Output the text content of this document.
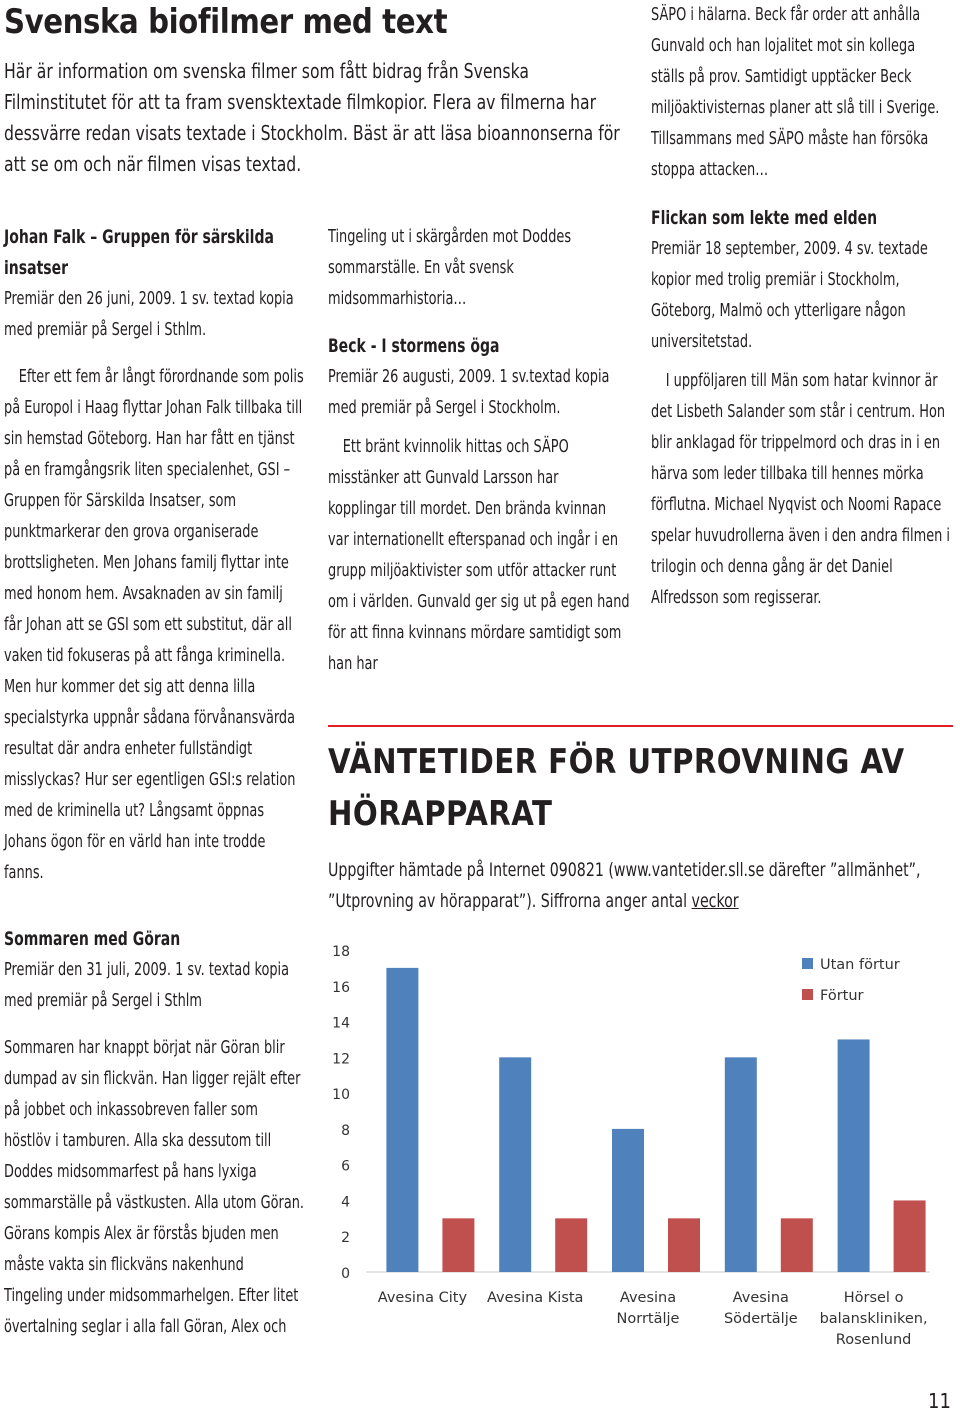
Svenska biofilmer med text

Här är information om svenska filmer som fått bidrag från Svenska Filminstitutet för att ta fram svensktextade filmkopior. Flera av filmerna har dessvärre redan visats textade i Stockholm. Bäst är att läsa bioannonserna för att se om och när filmen visas textad.

Johan Falk – Gruppen för särskilda insatser

Premiär den 26 juni, 2009. 1 sv. textad kopia med premiär på Sergel i Sthlm.

Efter ett fem år långt förordnande som polis på Europol i Haag flyttar Johan Falk tillbaka till sin hemstad Göteborg. Han har fått en tjänst på en framgångsrik liten specialenhet, GSI – Gruppen för Särskilda Insatser, som punktmarkerar den grova organiserade brottsligheten. Men Johans familj flyttar inte med honom hem. Avsaknaden av sin familj får Johan att se GSI som ett substitut, där all vaken tid fokuseras på att fånga kriminella. Men hur kommer det sig att denna lilla specialstyrka uppnår sådana förvånansvärda resultat där andra enheter fullständigt misslyckas? Hur ser egentligen GSI:s relation med de kriminella ut? Långsamt öppnas Johans ögon för en värld han inte trodde fanns.

Sommaren med Göran

Premiär den 31 juli, 2009. 1 sv. textad kopia med premiär på Sergel i Sthlm

Sommaren har knappt börjat när Göran blir dumpad av sin flickvän. Han ligger rejält efter på jobbet och inkassobreven faller som höstlöv i tamburen. Alla ska dessutom till Doddes midsommarfest på hans lyxiga sommarställe på västkusten. Alla utom Göran. Görans kompis Alex är förstås bjuden men måste vakta sin flickväns nakenhund Tingeling under midsommarhelgen. Efter litet övertalning seglar i alla fall Göran, Alex och

Tingeling ut i skärgården mot Doddes sommarställe. En våt svensk midsommarhistoria…

Beck - I stormens öga

Premiär 26 augusti, 2009. 1 sv.textad kopia med premiär på Sergel i Stockholm.

Ett bränt kvinnolik hittas och SÄPO misstänker att Gunvald Larsson har kopplingar till mordet. Den brända kvinnan var internationellt efterspanad och ingår i en grupp miljöaktivister som utför attacker runt om i världen. Gunvald ger sig ut på egen hand för att finna kvinnans mördare samtidigt som han har

SÄPO i hälarna. Beck får order att anhålla Gunvald och han lojalitet mot sin kollega ställs på prov. Samtidigt upptäcker Beck miljöaktivisternas planer att slå till i Sverige. Tillsammans med SÄPO måste han försöka stoppa attacken…

Flickan som lekte med elden

Premiär 18 september, 2009. 4 sv. textade kopior med trolig premiär i Stockholm, Göteborg, Malmö och ytterligare någon universitetstad.

I uppföljaren till Män som hatar kvinnor är det Lisbeth Salander som står i centrum. Hon blir anklagad för trippelmord och dras in i en härva som leder tillbaka till hennes mörka förflutna. Michael Nyqvist och Noomi Rapace spelar huvudrollerna även i den andra filmen i trilogin och denna gång är det Daniel Alfredsson som regisserar.

VÄNTETIDER FÖR UTPROVNING AV HÖRAPPARAT

Uppgifter hämtade på Internet 090821 (www.vantetider.sll.se därefter ”allmänhet”, ”Utprovning av hörapparat”). Siffrorna anger antal veckor

0
2
4
6
8
10
12
14
16
18
Avesina City Avesina Kista	Avesina
Norrtälje
Avesina
Södertälje
Hörsel o
balanskliniken,
Rosenlund
Utan förtur
Förtur

11
